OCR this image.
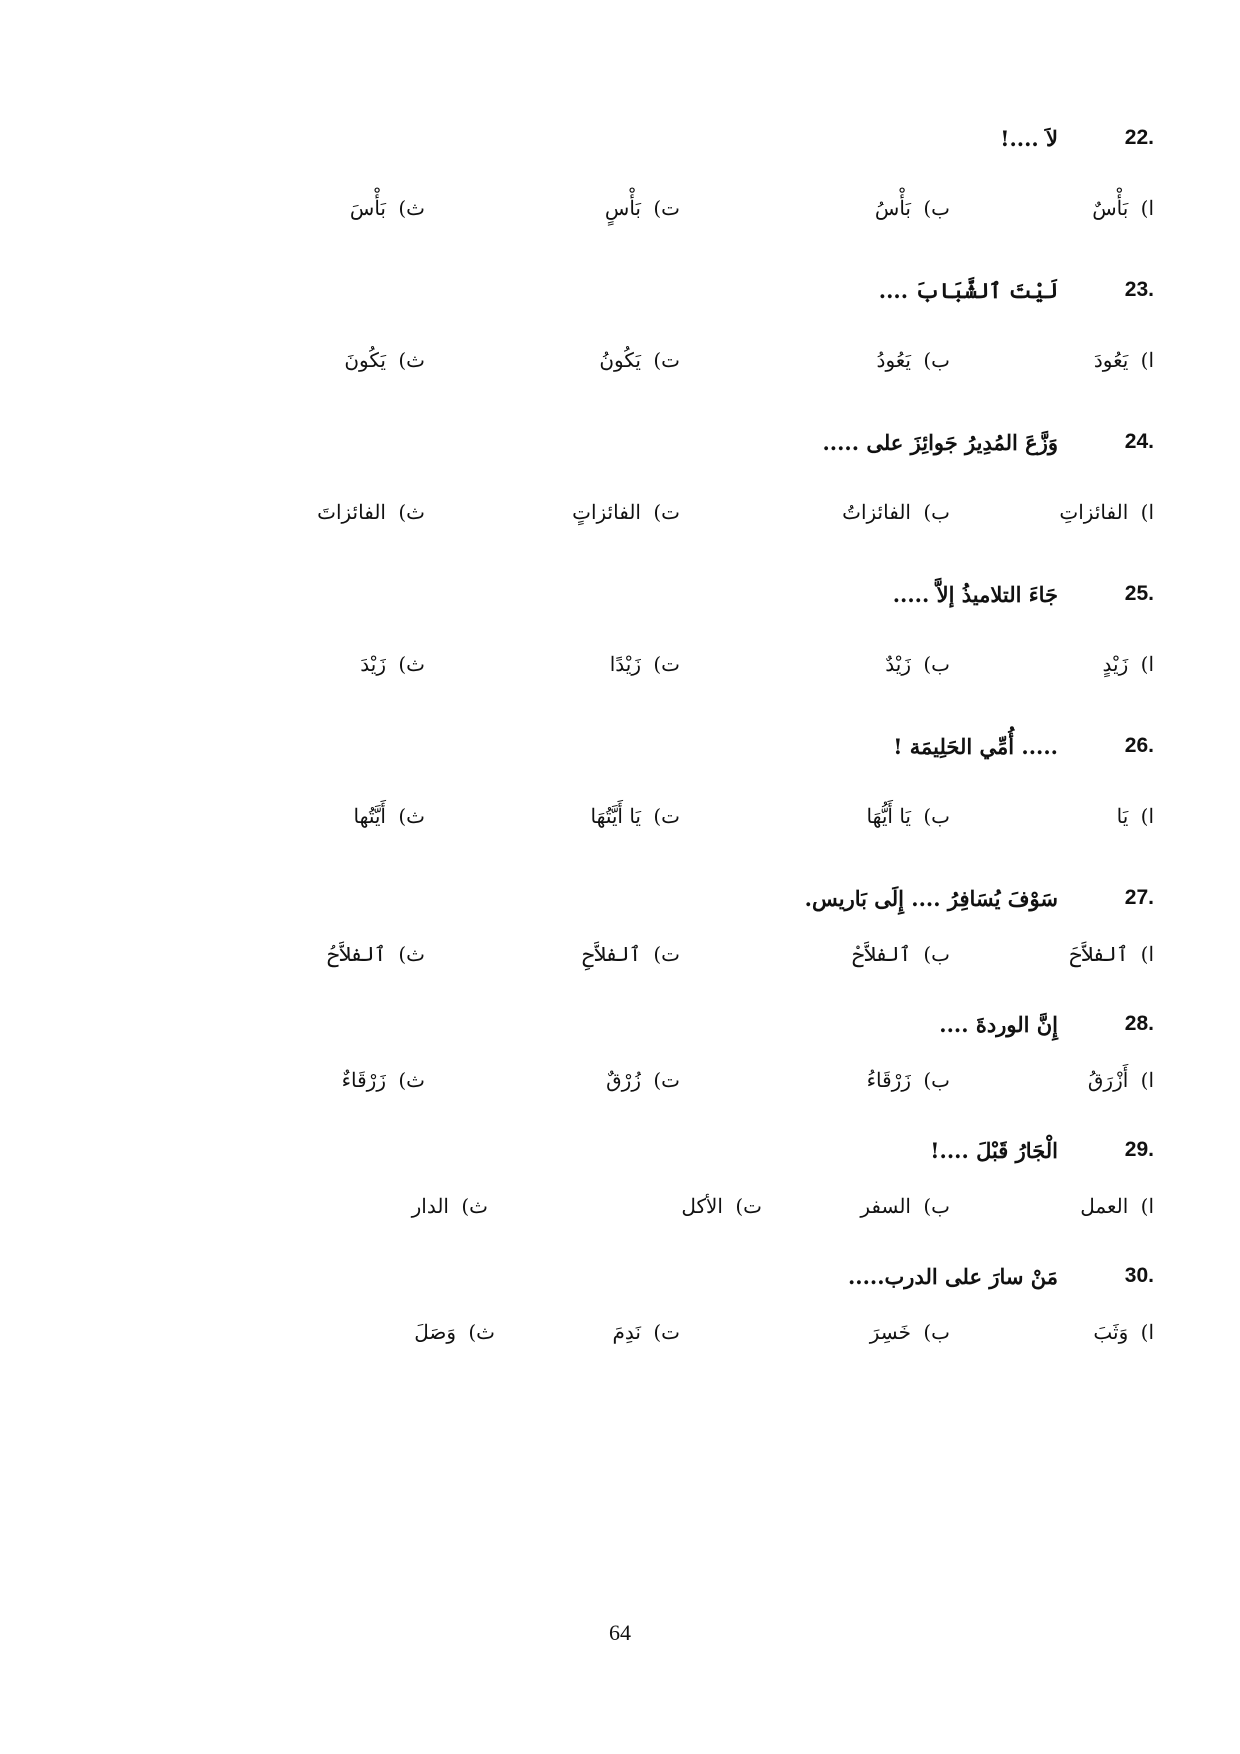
22.
لاَ ....!
ا) بَأْسٌ
ب) بَأْسُ
ت) بَأْسٍ
ث) بَأْسَ
23.
لَيْتَ ٱلشَّبَابَ ....
ا) يَعُودَ
ب) يَعُودُ
ت) يَكُونُ
ث) يَكُونَ
24.
وَزَّعَ المُدِيرُ جَوائِزَ على .....
ا) الفائزاتِ
ب) الفائزاتُ
ت) الفائزاتٍ
ث) الفائزاتَ
25.
جَاءَ التلاميذُ إلاَّ .....
ا) زَيْدٍ
ب) زَيْدٌ
ت) زَيْدًا
ث) زَيْدَ
26.
..... أُمِّي الحَلِيمَة !
ا) يَا
ب) يَا أَيُّهَا
ت) يَا أَيَّتُهَا
ث) أَيَّتُها
27.
سَوْفَ يُسَافِرُ .... إِلَى بَاريس.
ا) ٱلفلاَّحَ
ب) ٱلفلاَّحْ
ت) ٱلفلاَّحِ
ث) ٱلفلاَّحُ
28.
إِنَّ الوردةَ ....
ا) أَزْرَقُ
ب) زَرْقَاءُ
ت) زُرْقٌ
ث) زَرْقَاءٌ
29.
الْجَارُ قَبْلَ ....!
ا) العمل
ب) السفر
ت) الأكل
ث) الدار
30.
مَنْ سارَ على الدرب.....
ا) وَثَبَ
ب) خَسِرَ
ت) نَدِمَ
ث) وَصَلَ
64
